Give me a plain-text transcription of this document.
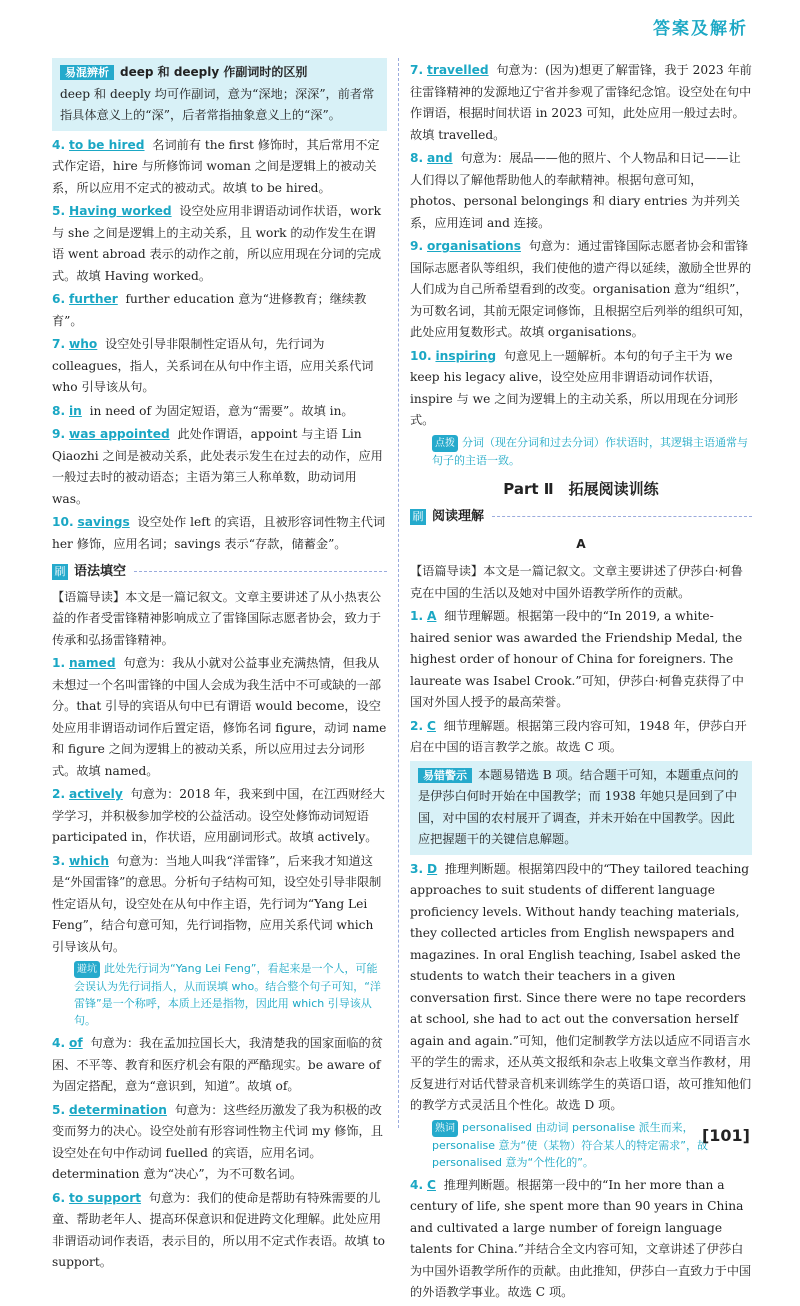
答案及解析
易混辨析 deep 和 deeply 作副词时的区别
deep 和 deeply 均可作副词，意为“深地；深深”，前者常指具体意义上的“深”，后者常指抽象意义上的“深”。
4. to be hired 名词前有 the first 修饰时，其后常用不定式作定语，hire 与所修饰词 woman 之间是逻辑上的被动关系，所以应用不定式的被动式。故填 to be hired。
5. Having worked 设空处应用非谓语动词作状语，work 与 she 之间是逻辑上的主动关系，且 work 的动作发生在谓语 went abroad 表示的动作之前，所以应用现在分词的完成式。故填 Having worked。
6. further further education 意为“进修教育；继续教育”。
7. who 设空处引导非限制性定语从句，先行词为 colleagues，指人，关系词在从句中作主语，应用关系代词 who 引导该从句。
8. in in need of 为固定短语，意为“需要”。故填 in。
9. was appointed 此处作谓语，appoint 与主语 Lin Qiaozhi 之间是被动关系，此处表示发生在过去的动作，应用一般过去时的被动语态；主语为第三人称单数，助动词用 was。
10. savings 设空处作 left 的宾语，且被形容词性物主代词 her 修饰，应用名词；savings 表示“存款，储蓄金”。
刷 语法填空
【语篇导读】本文是一篇记叙文。文章主要讲述了从小热衷公益的作者受雷锋精神影响成立了雷锋国际志愿者协会，致力于传承和弘扬雷锋精神。
1. named 句意为：我从小就对公益事业充满热情，但我从未想过一个名叫雷锋的中国人会成为我生活中不可或缺的一部分。that 引导的宾语从句中已有谓语 would become，设空处应用非谓语动词作后置定语，修饰名词 figure，动词 name 和 figure 之间为逻辑上的被动关系，所以应用过去分词形式。故填 named。
2. actively 句意为：2018 年，我来到中国，在江西财经大学学习，并积极参加学校的公益活动。设空处修饰动词短语 participated in，作状语，应用副词形式。故填 actively。
3. which 句意为：当地人叫我“洋雷锋”，后来我才知道这是“外国雷锋”的意思。分析句子结构可知，设空处引导非限制性定语从句，设空处在从句中作主语，先行词为“Yang Lei Feng”，结合句意可知，先行词指物，应用关系代词 which 引导该从句。
避坑 此处先行词为“Yang Lei Feng”，看起来是一个人，可能会误认为先行词指人，从而误填 who。结合整个句子可知，“洋雷锋”是一个称呼，本质上还是指物，因此用 which 引导该从句。
4. of 句意为：我在孟加拉国长大，我清楚我的国家面临的贫困、不平等、教育和医疗机会有限的严酷现实。be aware of 为固定搭配，意为“意识到，知道”。故填 of。
5. determination 句意为：这些经历激发了我为积极的改变而努力的决心。设空处前有形容词性物主代词 my 修饰，且设空处在句中作动词 fuelled 的宾语，应用名词。determination 意为“决心”，为不可数名词。
6. to support 句意为：我们的使命是帮助有特殊需要的儿童、帮助老年人、提高环保意识和促进跨文化理解。此处应用非谓语动词作表语，表示目的，所以用不定式作表语。故填 to support。
7. travelled 句意为：(因为)想更了解雷锋，我于 2023 年前往雷锋精神的发源地辽宁省并参观了雷锋纪念馆。设空处在句中作谓语，根据时间状语 in 2023 可知，此处应用一般过去时。故填 travelled。
8. and 句意为：展品——他的照片、个人物品和日记——让人们得以了解他帮助他人的奉献精神。根据句意可知，photos、personal belongings 和 diary entries 为并列关系，应用连词 and 连接。
9. organisations 句意为：通过雷锋国际志愿者协会和雷锋国际志愿者队等组织，我们使他的遗产得以延续，激励全世界的人们成为自己所希望看到的改变。organisation 意为“组织”，为可数名词，其前无限定词修饰，且根据空后列举的组织可知，此处应用复数形式。故填 organisations。
10. inspiring 句意见上一题解析。本句的句子主干为 we keep his legacy alive，设空处应用非谓语动词作状语，inspire 与 we 之间为逻辑上的主动关系，所以用现在分词形式。
点拨 分词（现在分词和过去分词）作状语时，其逻辑主语通常与句子的主语一致。
Part Ⅱ　拓展阅读训练
刷 阅读理解
A
【语篇导读】本文是一篇记叙文。文章主要讲述了伊莎白·柯鲁克在中国的生活以及她对中国外语教学所作的贡献。
1. A 细节理解题。根据第一段中的“In 2019, a white-haired senior was awarded the Friendship Medal, the highest order of honour of China for foreigners. The laureate was Isabel Crook.”可知，伊莎白·柯鲁克获得了中国对外国人授予的最高荣誉。
2. C 细节理解题。根据第三段内容可知，1948 年，伊莎白开启在中国的语言教学之旅。故选 C 项。
易错警示 本题易错选 B 项。结合题干可知，本题重点问的是伊莎白何时开始在中国教学；而 1938 年她只是回到了中国，对中国的农村展开了调查，并未开始在中国教学。因此应把握题干的关键信息解题。
3. D 推理判断题。根据第四段中的“They tailored teaching approaches to suit students of different language proficiency levels. Without handy teaching materials, they collected articles from English newspapers and magazines. In oral English teaching, Isabel asked the students to watch their teachers in a given conversation first. Since there were no tape recorders at school, she had to act out the conversation herself again and again.”可知，他们定制教学方法以适应不同语言水平的学生的需求，还从英文报纸和杂志上收集文章当作教材，用反复进行对话代替录音机来训练学生的英语口语，故可推知他们的教学方式灵活且个性化。故选 D 项。
熟词 personalised 由动词 personalise 派生而来，personalise 意为“使（某物）符合某人的特定需求”，故 personalised 意为“个性化的”。
4. C 推理判断题。根据第一段中的“In her more than a century of life, she spent more than 90 years in China and cultivated a large number of foreign language talents for China.”并结合全文内容可知，文章讲述了伊莎白为中国外语教学所作的贡献。由此推知，伊莎白一直致力于中国的外语教学事业。故选 C 项。
[101]
